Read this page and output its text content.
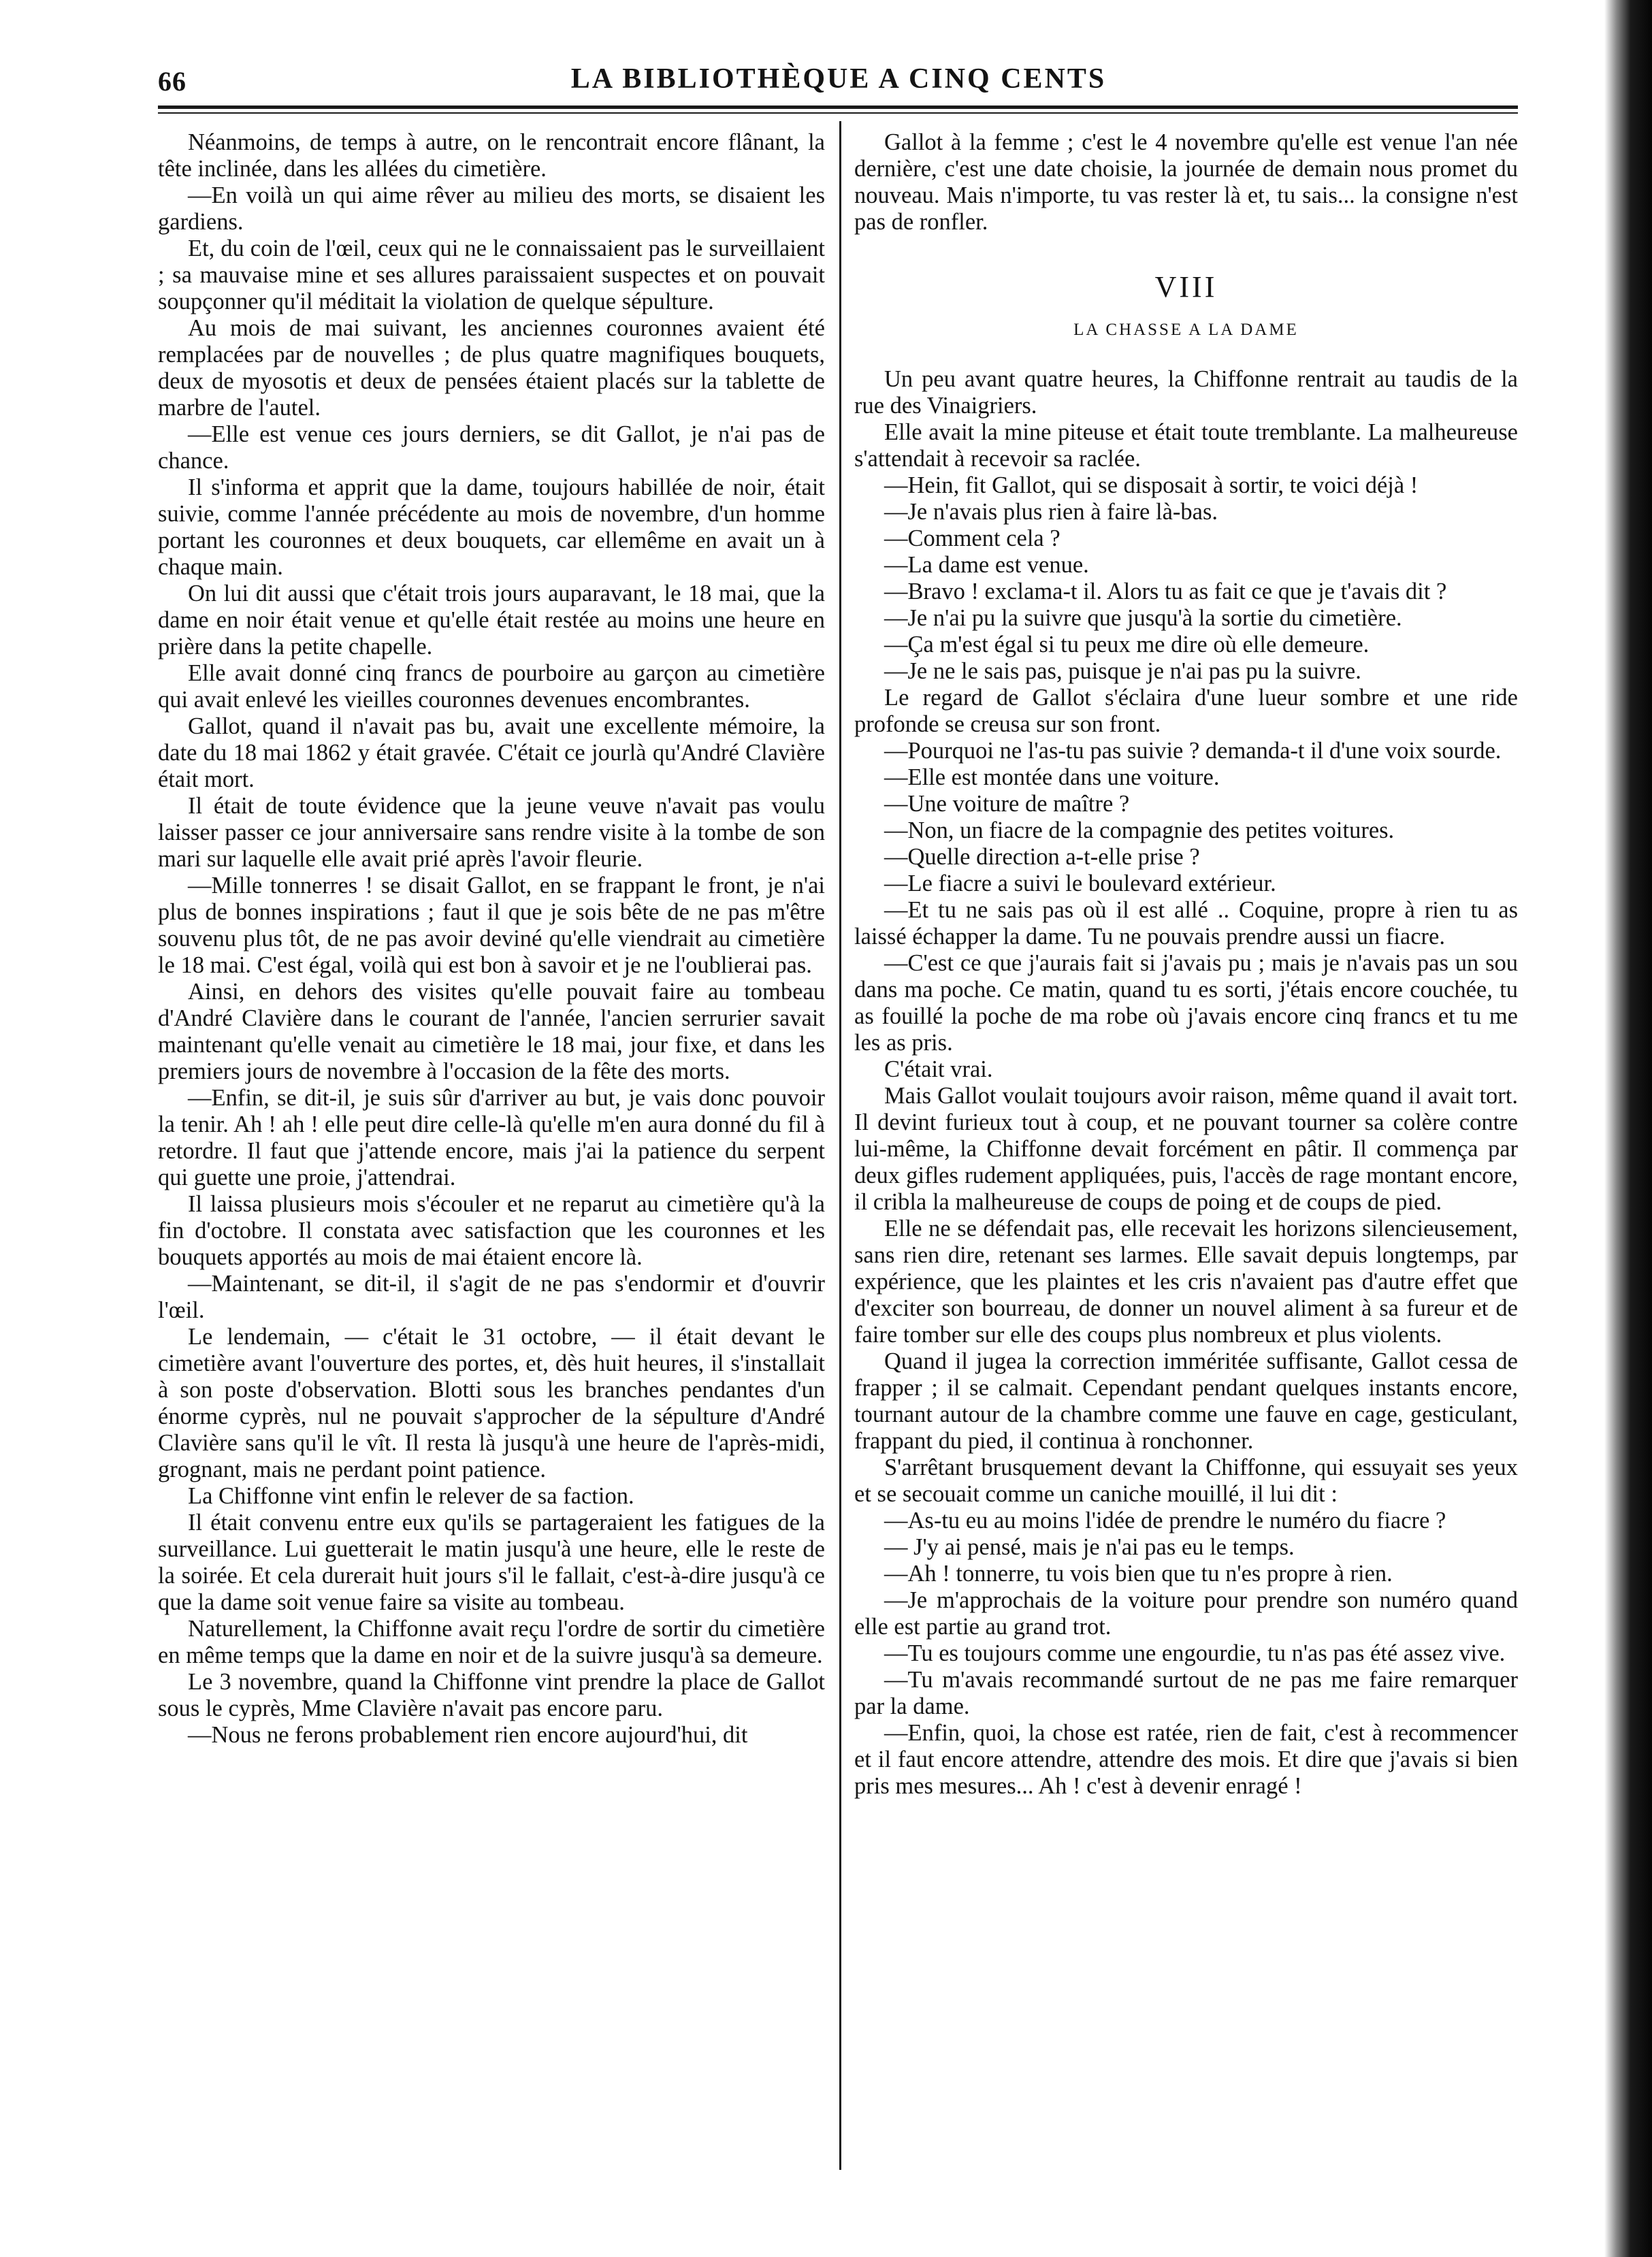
66	LA BIBLIOTHÈQUE A CINQ CENTS

Néanmoins, de temps à autre, on le rencontrait encore flânant, la tête inclinée, dans les allées du cimetière.

—En voilà un qui aime rêver au milieu des morts, se disaient les gardiens.

Et, du coin de l'œil, ceux qui ne le connaissaient pas le surveillaient ; sa mauvaise mine et ses allures paraissaient suspectes et on pouvait soupçonner qu'il méditait la violation de quelque sépulture.

Au mois de mai suivant, les anciennes couronnes avaient été remplacées par de nouvelles ; de plus quatre magnifiques bouquets, deux de myosotis et deux de pensées étaient placés sur la tablette de marbre de l'autel.

—Elle est venue ces jours derniers, se dit Gallot, je n'ai pas de chance.

Il s'informa et apprit que la dame, toujours habillée de noir, était suivie, comme l'année précédente au mois de novembre, d'un homme portant les couronnes et deux bouquets, car ellemême en avait un à chaque main.

On lui dit aussi que c'était trois jours auparavant, le 18 mai, que la dame en noir était venue et qu'elle était restée au moins une heure en prière dans la petite chapelle.

Elle avait donné cinq francs de pourboire au garçon au cimetière qui avait enlevé les vieilles couronnes devenues encombrantes.

Gallot, quand il n'avait pas bu, avait une excellente mémoire, la date du 18 mai 1862 y était gravée. C'était ce jourlà qu'André Clavière était mort.

Il était de toute évidence que la jeune veuve n'avait pas voulu laisser passer ce jour anniversaire sans rendre visite à la tombe de son mari sur laquelle elle avait prié après l'avoir fleurie.

—Mille tonnerres ! se disait Gallot, en se frappant le front, je n'ai plus de bonnes inspirations ; faut il que je sois bête de ne pas m'être souvenu plus tôt, de ne pas avoir deviné qu'elle viendrait au cimetière le 18 mai. C'est égal, voilà qui est bon à savoir et je ne l'oublierai pas.

Ainsi, en dehors des visites qu'elle pouvait faire au tombeau d'André Clavière dans le courant de l'année, l'ancien serrurier savait maintenant qu'elle venait au cimetière le 18 mai, jour fixe, et dans les premiers jours de novembre à l'occasion de la fête des morts.

—Enfin, se dit-il, je suis sûr d'arriver au but, je vais donc pouvoir la tenir. Ah ! ah ! elle peut dire celle-là qu'elle m'en aura donné du fil à retordre. Il faut que j'attende encore, mais j'ai la patience du serpent qui guette une proie, j'attendrai.

Il laissa plusieurs mois s'écouler et ne reparut au cimetière qu'à la fin d'octobre. Il constata avec satisfaction que les couronnes et les bouquets apportés au mois de mai étaient encore là.

—Maintenant, se dit-il, il s'agit de ne pas s'endormir et d'ouvrir l'œil.

Le lendemain, — c'était le 31 octobre, — il était devant le cimetière avant l'ouverture des portes, et, dès huit heures, il s'installait à son poste d'observation. Blotti sous les branches pendantes d'un énorme cyprès, nul ne pouvait s'approcher de la sépulture d'André Clavière sans qu'il le vît. Il resta là jusqu'à une heure de l'après-midi, grognant, mais ne perdant point patience.

La Chiffonne vint enfin le relever de sa faction.

Il était convenu entre eux qu'ils se partageraient les fatigues de la surveillance. Lui guetterait le matin jusqu'à une heure, elle le reste de la soirée. Et cela durerait huit jours s'il le fallait, c'est-à-dire jusqu'à ce que la dame soit venue faire sa visite au tombeau.

Naturellement, la Chiffonne avait reçu l'ordre de sortir du cimetière en même temps que la dame en noir et de la suivre jusqu'à sa demeure.

Le 3 novembre, quand la Chiffonne vint prendre la place de Gallot sous le cyprès, Mme Clavière n'avait pas encore paru.

—Nous ne ferons probablement rien encore aujourd'hui, dit

Gallot à la femme ; c'est le 4 novembre qu'elle est venue l'an née dernière, c'est une date choisie, la journée de demain nous promet du nouveau. Mais n'importe, tu vas rester là et, tu sais... la consigne n'est pas de ronfler.

VIII
LA CHASSE A LA DAME

Un peu avant quatre heures, la Chiffonne rentrait au taudis de la rue des Vinaigriers.

Elle avait la mine piteuse et était toute tremblante. La malheureuse s'attendait à recevoir sa raclée.

—Hein, fit Gallot, qui se disposait à sortir, te voici déjà !

—Je n'avais plus rien à faire là-bas.

—Comment cela ?

—La dame est venue.

—Bravo ! exclama-t il. Alors tu as fait ce que je t'avais dit ?

—Je n'ai pu la suivre que jusqu'à la sortie du cimetière.

—Ça m'est égal si tu peux me dire où elle demeure.

—Je ne le sais pas, puisque je n'ai pas pu la suivre.

Le regard de Gallot s'éclaira d'une lueur sombre et une ride profonde se creusa sur son front.

—Pourquoi ne l'as-tu pas suivie ? demanda-t il d'une voix sourde.

—Elle est montée dans une voiture.

—Une voiture de maître ?

—Non, un fiacre de la compagnie des petites voitures.

—Quelle direction a-t-elle prise ?

—Le fiacre a suivi le boulevard extérieur.

—Et tu ne sais pas où il est allé .. Coquine, propre à rien tu as laissé échapper la dame. Tu ne pouvais prendre aussi un fiacre.

—C'est ce que j'aurais fait si j'avais pu ; mais je n'avais pas un sou dans ma poche. Ce matin, quand tu es sorti, j'étais encore couchée, tu as fouillé la poche de ma robe où j'avais encore cinq francs et tu me les as pris.

C'était vrai.

Mais Gallot voulait toujours avoir raison, même quand il avait tort. Il devint furieux tout à coup, et ne pouvant tourner sa colère contre lui-même, la Chiffonne devait forcément en pâtir. Il commença par deux gifles rudement appliquées, puis, l'accès de rage montant encore, il cribla la malheureuse de coups de poing et de coups de pied.

Elle ne se défendait pas, elle recevait les horizons silencieusement, sans rien dire, retenant ses larmes. Elle savait depuis longtemps, par expérience, que les plaintes et les cris n'avaient pas d'autre effet que d'exciter son bourreau, de donner un nouvel aliment à sa fureur et de faire tomber sur elle des coups plus nombreux et plus violents.

Quand il jugea la correction imméritée suffisante, Gallot cessa de frapper ; il se calmait. Cependant pendant quelques instants encore, tournant autour de la chambre comme une fauve en cage, gesticulant, frappant du pied, il continua à ronchonner.

S'arrêtant brusquement devant la Chiffonne, qui essuyait ses yeux et se secouait comme un caniche mouillé, il lui dit :

—As-tu eu au moins l'idée de prendre le numéro du fiacre ?

— J'y ai pensé, mais je n'ai pas eu le temps.

—Ah ! tonnerre, tu vois bien que tu n'es propre à rien.

—Je m'approchais de la voiture pour prendre son numéro quand elle est partie au grand trot.

—Tu es toujours comme une engourdie, tu n'as pas été assez vive.

—Tu m'avais recommandé surtout de ne pas me faire remarquer par la dame.

—Enfin, quoi, la chose est ratée, rien de fait, c'est à recommencer et il faut encore attendre, attendre des mois. Et dire que j'avais si bien pris mes mesures... Ah ! c'est à devenir enragé !
